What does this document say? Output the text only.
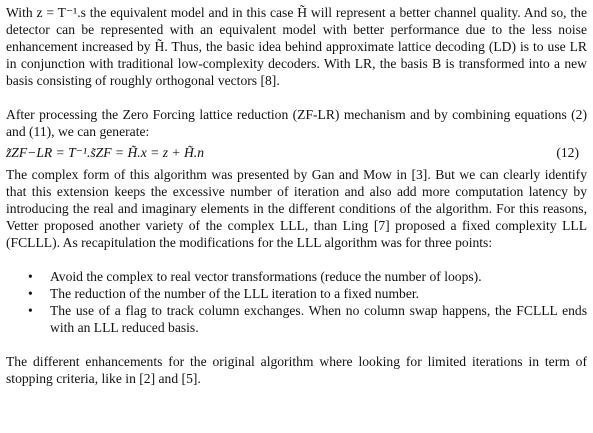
With z = T⁻¹.s the equivalent model and in this case H̃ will represent a better channel quality. And so, the detector can be represented with an equivalent model with better performance due to the less noise enhancement increased by H̃. Thus, the basic idea behind approximate lattice decoding (LD) is to use LR in conjunction with traditional low-complexity decoders. With LR, the basis B is transformed into a new basis consisting of roughly orthogonal vectors [8].

After processing the Zero Forcing lattice reduction (ZF-LR) mechanism and by combining equations (2) and (11), we can generate:

z̃ZF−LR = T⁻¹.s̃ZF = H̃.x = z + H̃.n	(12)

The complex form of this algorithm was presented by Gan and Mow in [3]. But we can clearly identify that this extension keeps the excessive number of iteration and also add more computation latency by introducing the real and imaginary elements in the different conditions of the algorithm. For this reasons, Vetter proposed another variety of the complex LLL, than Ling [7] proposed a fixed complexity LLL (FCLLL). As recapitulation the modifications for the LLL algorithm was for three points:

• Avoid the complex to real vector transformations (reduce the number of loops).
• The reduction of the number of the LLL iteration to a fixed number.
• The use of a flag to track column exchanges. When no column swap happens, the FCLLL ends with an LLL reduced basis.

The different enhancements for the original algorithm where looking for limited iterations in term of stopping criteria, like in [2] and [5].
